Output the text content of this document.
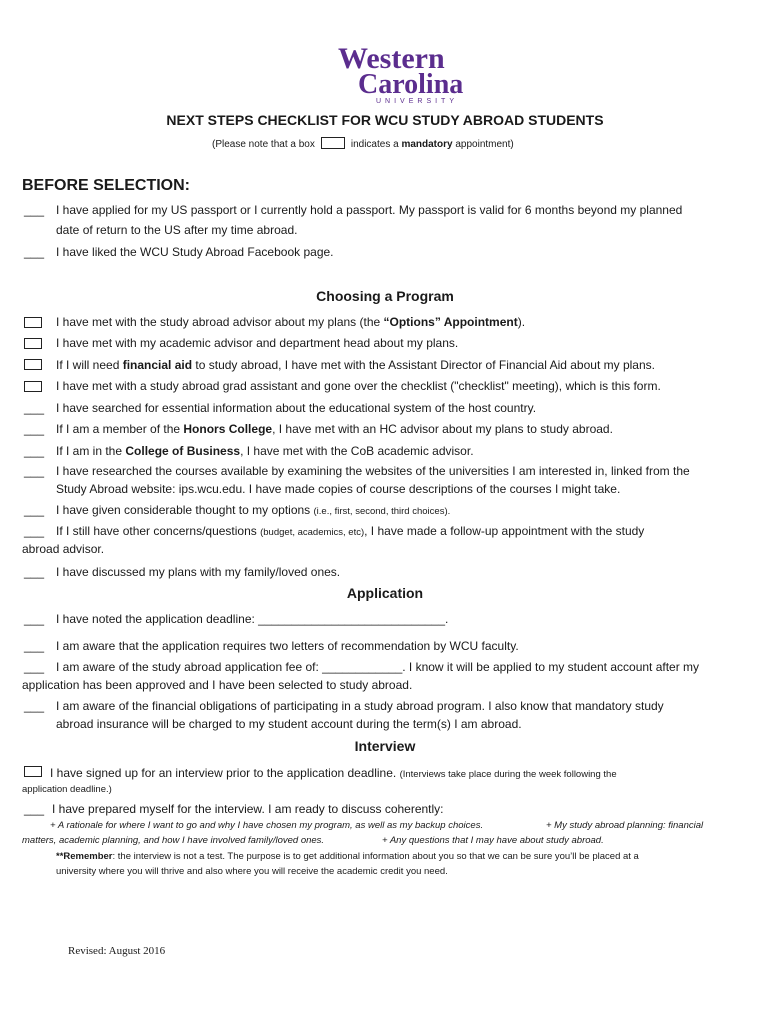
Western
Carolina
UNIVERSITY
NEXT STEPS CHECKLIST FOR WCU STUDY ABROAD STUDENTS
(Please note that a box	indicates a mandatory appointment)
BEFORE SELECTION:
___ I have applied for my US passport or I currently hold a passport. My passport is valid for 6 months beyond my planned
date of return to the US after my time abroad.
___ I have liked the WCU Study Abroad Facebook page.
Choosing a Program
I have met with the study abroad advisor about my plans (the “Options” Appointment).
I have met with my academic advisor and department head about my plans.
If I will need financial aid to study abroad, I have met with the Assistant Director of Financial Aid about my plans.
I have met with a study abroad grad assistant and gone over the checklist ("checklist" meeting), which is this form.
___ I have searched for essential information about the educational system of the host country.
___ If I am a member of the Honors College, I have met with an HC advisor about my plans to study abroad.
___ If I am in the College of Business, I have met with the CoB academic advisor.
___ I have researched the courses available by examining the websites of the universities I am interested in, linked from the
Study Abroad website: ips.wcu.edu. I have made copies of course descriptions of the courses I might take.
___ I have given considerable thought to my options (i.e., first, second, third choices).
___ If I still have other concerns/questions (budget, academics, etc), I have made a follow-up appointment with the study
abroad advisor.
___ I have discussed my plans with my family/loved ones.
Application
___ I have noted the application deadline: ____________________________.
___ I am aware that the application requires two letters of recommendation by WCU faculty.
___ I am aware of the study abroad application fee of: ____________. I know it will be applied to my student account after my
application has been approved and I have been selected to study abroad.
___ I am aware of the financial obligations of participating in a study abroad program. I also know that mandatory study
abroad insurance will be charged to my student account during the term(s) I am abroad.
Interview
I have signed up for an interview prior to the application deadline. (Interviews take place during the week following the
application deadline.)
___ I have prepared myself for the interview. I am ready to discuss coherently:
+ A rationale for where I want to go and why I have chosen my program, as well as my backup choices.	+ My study abroad planning: financial
matters, academic planning, and how I have involved family/loved ones.	+ Any questions that I may have about study abroad.
**Remember: the interview is not a test. The purpose is to get additional information about you so that we can be sure you’ll be placed at a
university where you will thrive and also where you will receive the academic credit you need.
Revised: August 2016
